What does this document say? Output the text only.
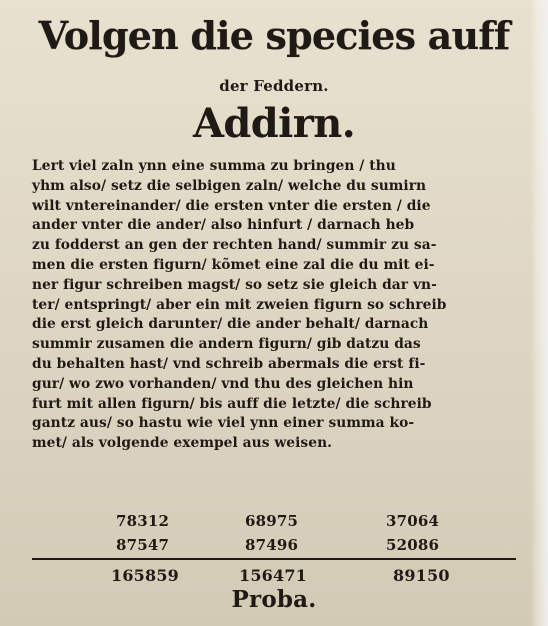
Volgen die species auff
der Feddern.
Addirn.
Lert viel zaln ynn eine summa zu bringen / thu
yhm also/ setz die selbigen zaln/ welche du sumirn
wilt vntereinander/ die ersten vnter die ersten / die
ander vnter die ander/ also hinfurt / darnach heb
zu fodderst an gen der rechten hand/ summir zu sa-
men die ersten figurn/ kõmet eine zal die du mit ei-
ner figur schreiben magst/ so setz sie gleich dar vn-
ter/ entspringt/ aber ein mit zweien figurn so schreib
die erst gleich darunter/ die ander behalt/ darnach
summir zusamen die andern figurn/ gib datzu das
du behalten hast/ vnd schreib abermals die erst fi-
gur/ wo zwo vorhanden/ vnd thu des gleichen hin
furt mit allen figurn/ bis auff die letzte/ die schreib
gantz aus/ so hastu wie viel ynn einer summa ko-
met/ als volgende exempel aus weisen.
78312
87547
165859
68975
87496
156471
37064
52086
89150
Proba.
